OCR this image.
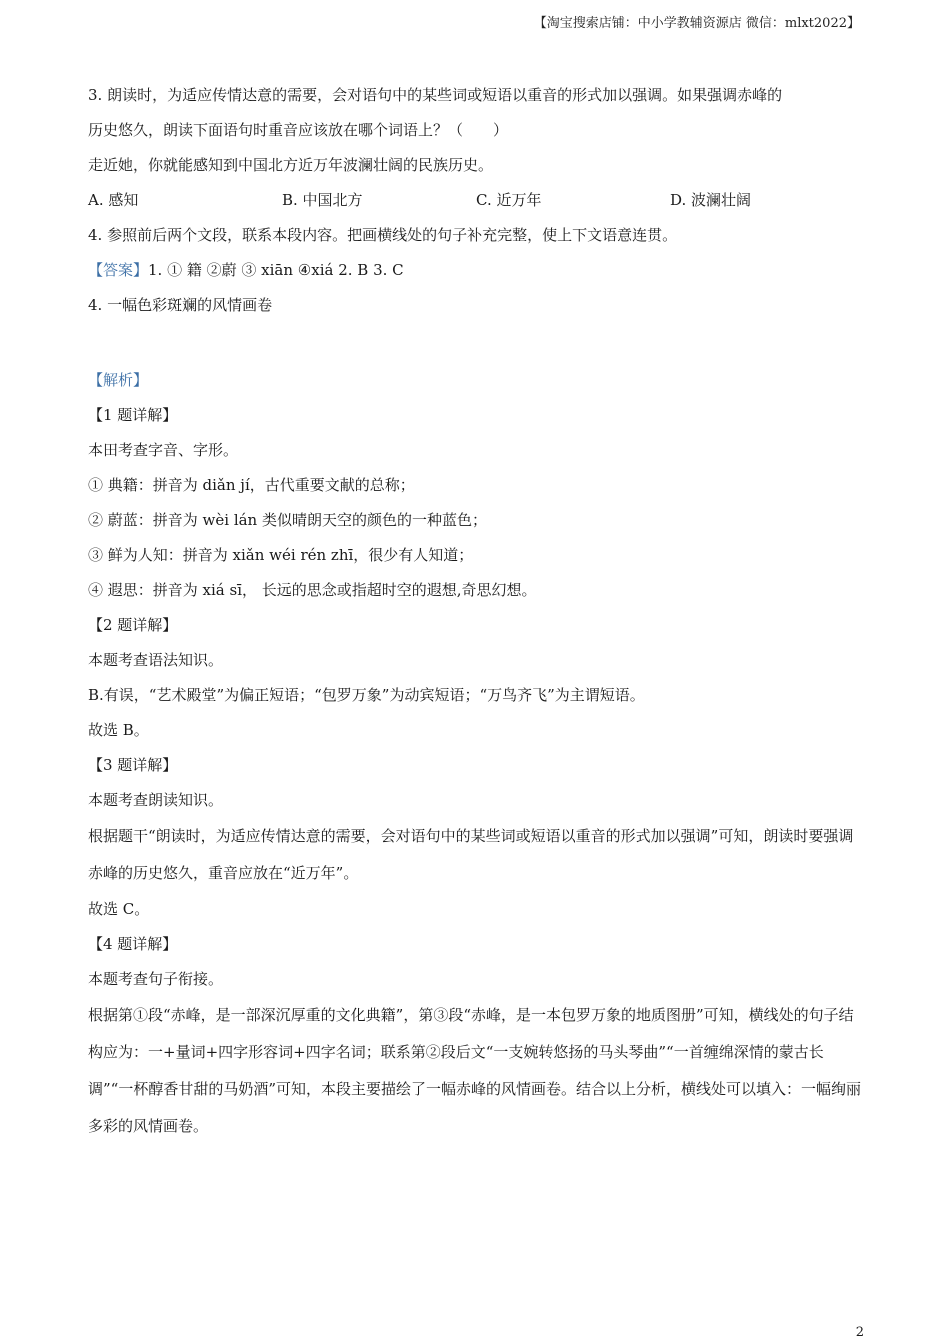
【淘宝搜索店铺：中小学教辅资源店 微信：mlxt2022】
3. 朗读时，为适应传情达意的需要，会对语句中的某些词或短语以重音的形式加以强调。如果强调赤峰的
历史悠久，朗读下面语句时重音应该放在哪个词语上？（　　）
走近她，你就能感知到中国北方近万年波澜壮阔的民族历史。
A. 感知	B. 中国北方	C. 近万年	D. 波澜壮阔
4. 参照前后两个文段，联系本段内容。把画横线处的句子补充完整，使上下文语意连贯。
【答案】1. ① 籍 ②蔚 ③ xiān ④xiá 2. B 3. C
4. 一幅色彩斑斓的风情画卷
【解析】
【1 题详解】
本田考查字音、字形。
① 典籍：拼音为 diǎn jí，古代重要文献的总称；
② 蔚蓝：拼音为 wèi lán 类似晴朗天空的颜色的一种蓝色；
③ 鲜为人知：拼音为 xiǎn wéi rén zhī，很少有人知道；
④ 遐思：拼音为 xiá sī， 长远的思念或指超时空的遐想,奇思幻想。
【2 题详解】
本题考查语法知识。
B.有误，“艺术殿堂”为偏正短语；“包罗万象”为动宾短语；“万鸟齐飞”为主谓短语。
故选 B。
【3 题详解】
本题考查朗读知识。
根据题干“朗读时，为适应传情达意的需要，会对语句中的某些词或短语以重音的形式加以强调”可知，朗读时要强调赤峰的历史悠久，重音应放在“近万年”。
故选 C。
【4 题详解】
本题考查句子衔接。
根据第①段“赤峰，是一部深沉厚重的文化典籍”，第③段“赤峰，是一本包罗万象的地质图册”可知，横线处的句子结构应为：一+量词+四字形容词+四字名词；联系第②段后文“一支婉转悠扬的马头琴曲”“一首缠绵深情的蒙古长调”“一杯醇香甘甜的马奶酒”可知，本段主要描绘了一幅赤峰的风情画卷。结合以上分析，横线处可以填入：一幅绚丽多彩的风情画卷。
2
